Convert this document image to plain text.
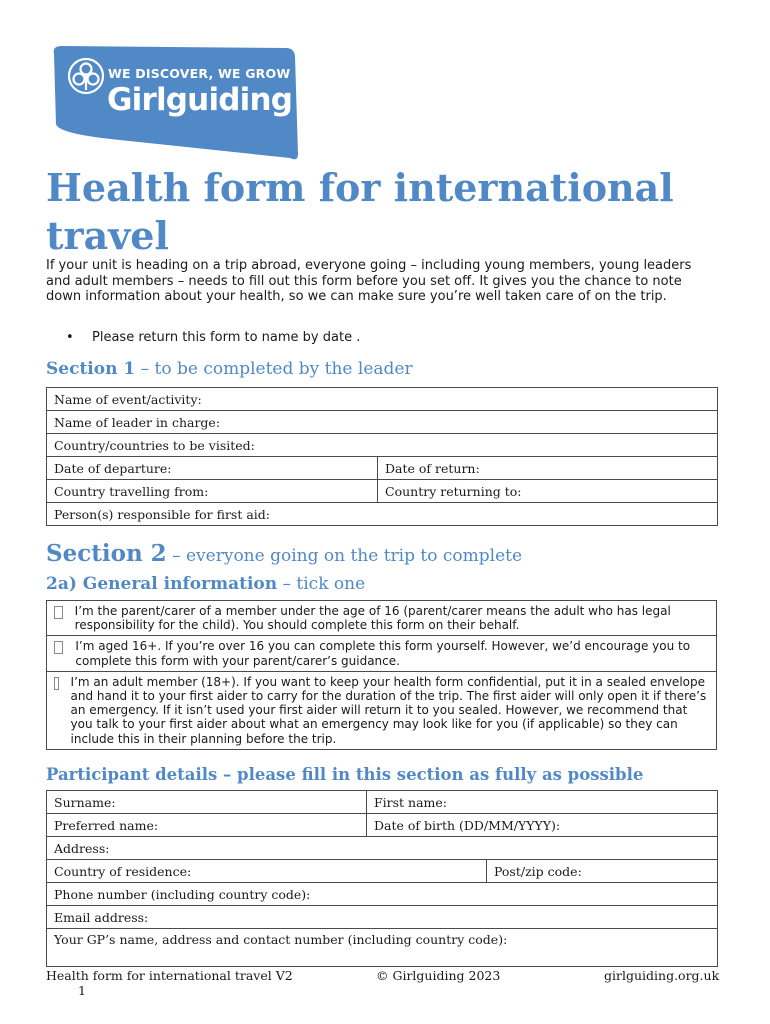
WE DISCOVER, WE GROW
Girlguiding
Health form for international travel

If your unit is heading on a trip abroad, everyone going – including young members, young leaders and adult members – needs to fill out this form before you set off. It gives you the chance to note down information about your health, so we can make sure you’re well taken care of on the trip.

• Please return this form to name by date .
Section 1 – to be completed by the leader
Name of event/activity:	
Name of leader in charge:	
Country/countries to be visited:	
Date of departure:	Date of return:
Country travelling from:	Country returning to:
Person(s) responsible for first aid:	
Section 2 – everyone going on the trip to complete
2a) General information – tick one
I’m the parent/carer of a member under the age of 16 (parent/carer means the adult who has legal responsibility for the child). You should complete this form on their behalf.

I’m aged 16+. If you’re over 16 you can complete this form yourself. However, we’d encourage you to complete this form with your parent/carer’s guidance.

I’m an adult member (18+). If you want to keep your health form confidential, put it in a sealed envelope and hand it to your first aider to carry for the duration of the trip. The first aider will only open it if there’s an emergency. If it isn’t used your first aider will return it to you sealed. However, we recommend that you talk to your first aider about what an emergency may look like for you (if applicable) so they can include this in their planning before the trip.
Participant details – please fill in this section as fully as possible
Surname:	First name:	
Preferred name:	Date of birth (DD/MM/YYYY):	
Address:		
Country of residence:		Post/zip code:
Phone number (including country code):		
Email address:		
Your GP’s name, address and contact number (including country code):		
Health form for international travel V2	© Girlguiding 2023	girlguiding.org.uk
1
